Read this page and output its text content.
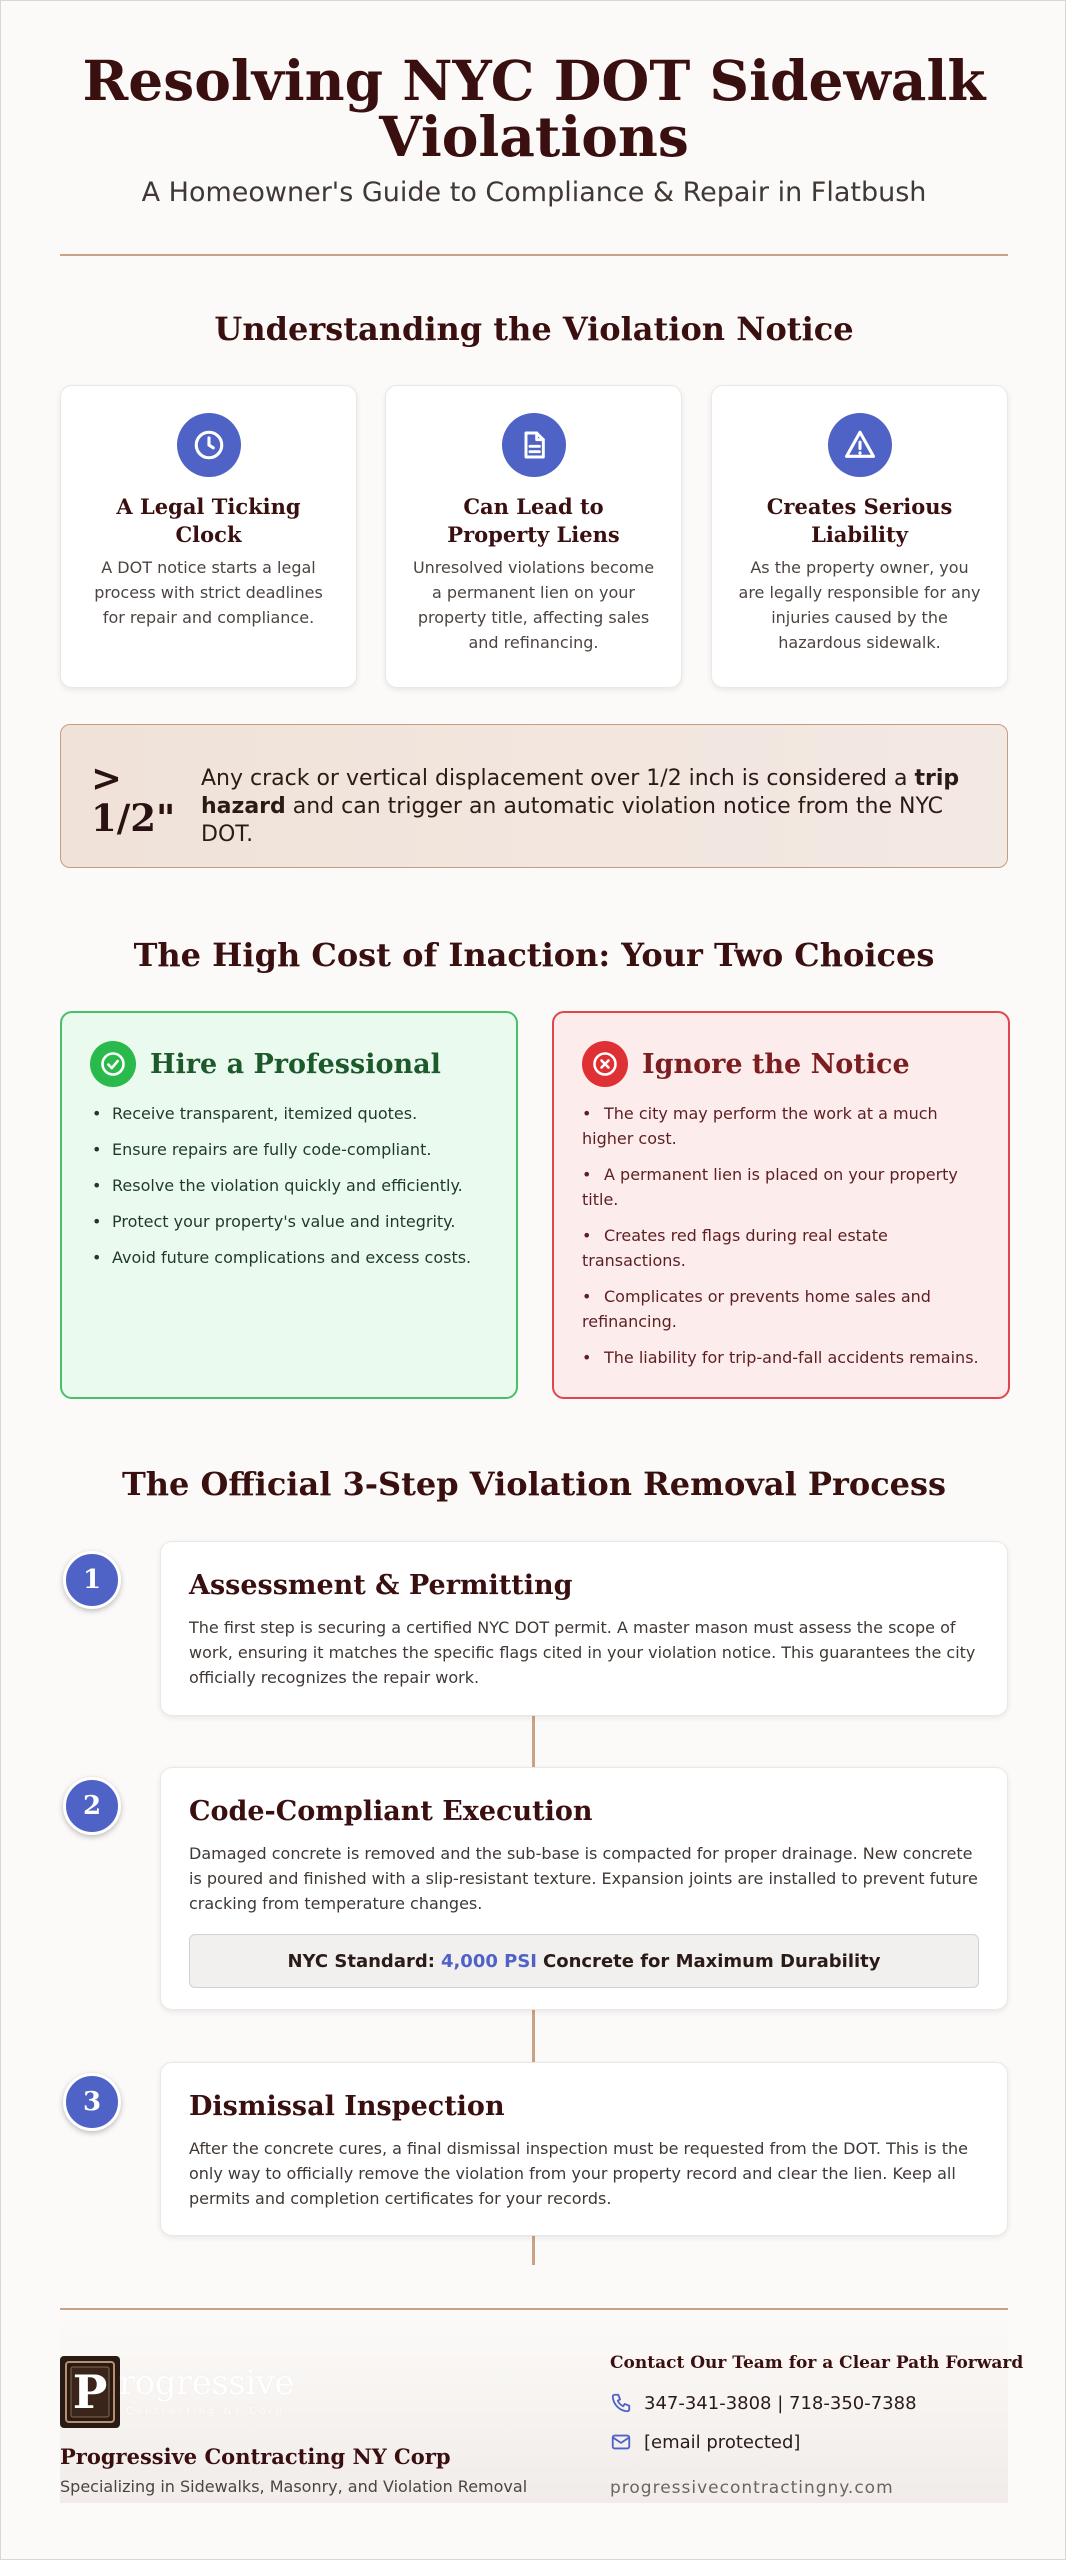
Resolving NYC DOT Sidewalk
Violations
A Homeowner's Guide to Compliance & Repair in Flatbush
Understanding the Violation Notice
A Legal Ticking Clock
A DOT notice starts a legal process with strict deadlines for repair and compliance.
Can Lead to Property Liens
Unresolved violations become a permanent lien on your property title, affecting sales and refinancing.
Creates Serious Liability
As the property owner, you are legally responsible for any injuries caused by the hazardous sidewalk.
>
1/2"
Any crack or vertical displacement over 1/2 inch is considered a trip hazard and can trigger an automatic violation notice from the NYC DOT.
The High Cost of Inaction: Your Two Choices
Hire a Professional
• Receive transparent, itemized quotes.
• Ensure repairs are fully code-compliant.
• Resolve the violation quickly and efficiently.
• Protect your property's value and integrity.
• Avoid future complications and excess costs.
Ignore the Notice
• The city may perform the work at a much higher cost.
• A permanent lien is placed on your property title.
• Creates red flags during real estate transactions.
• Complicates or prevents home sales and refinancing.
• The liability for trip-and-fall accidents remains.
The Official 3-Step Violation Removal Process
1	Assessment & Permitting
The first step is securing a certified NYC DOT permit. A master mason must assess the scope of work, ensuring it matches the specific flags cited in your violation notice. This guarantees the city officially recognizes the repair work.
2	Code-Compliant Execution
Damaged concrete is removed and the sub-base is compacted for proper drainage. New concrete is poured and finished with a slip-resistant texture. Expansion joints are installed to prevent future cracking from temperature changes.
NYC Standard: 4,000 PSI Concrete for Maximum Durability
3	Dismissal Inspection
After the concrete cures, a final dismissal inspection must be requested from the DOT. This is the only way to officially remove the violation from your property record and clear the lien. Keep all permits and completion certificates for your records.
P rogressive
Contracting NY Corp
Progressive Contracting NY Corp
Specializing in Sidewalks, Masonry, and Violation Removal
Contact Our Team for a Clear Path Forward
347-341-3808 | 718-350-7388
[email protected]
progressivecontractingny.com
